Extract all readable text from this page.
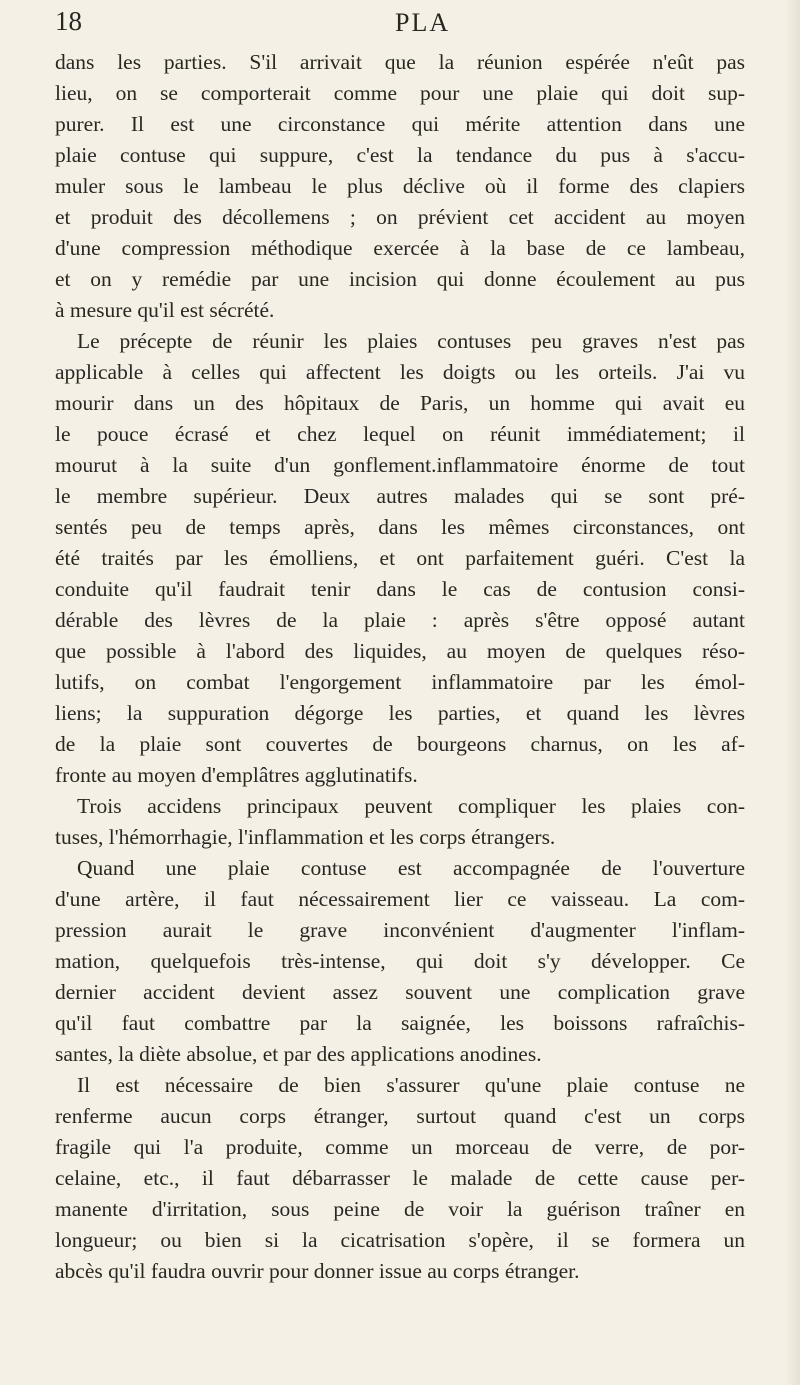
18	PLA
dans les parties. S'il arrivait que la réunion espérée n'eût pas
lieu, on se comporterait comme pour une plaie qui doit sup-
purer. Il est une circonstance qui mérite attention dans une
plaie contuse qui suppure, c'est la tendance du pus à s'accu-
muler sous le lambeau le plus déclive où il forme des clapiers
et produit des décollemens ; on prévient cet accident au moyen
d'une compression méthodique exercée à la base de ce lambeau,
et on y remédie par une incision qui donne écoulement au pus
à mesure qu'il est sécrété.
Le précepte de réunir les plaies contuses peu graves n'est pas
applicable à celles qui affectent les doigts ou les orteils. J'ai vu
mourir dans un des hôpitaux de Paris, un homme qui avait eu
le pouce écrasé et chez lequel on réunit immédiatement; il
mourut à la suite d'un gonflement.inflammatoire énorme de tout
le membre supérieur. Deux autres malades qui se sont pré-
sentés peu de temps après, dans les mêmes circonstances, ont
été traités par les émolliens, et ont parfaitement guéri. C'est la
conduite qu'il faudrait tenir dans le cas de contusion consi-
dérable des lèvres de la plaie : après s'être opposé autant
que possible à l'abord des liquides, au moyen de quelques réso-
lutifs, on combat l'engorgement inflammatoire par les émol-
liens; la suppuration dégorge les parties, et quand les lèvres
de la plaie sont couvertes de bourgeons charnus, on les af-
fronte au moyen d'emplâtres agglutinatifs.
Trois accidens principaux peuvent compliquer les plaies con-
tuses, l'hémorrhagie, l'inflammation et les corps étrangers.
Quand une plaie contuse est accompagnée de l'ouverture
d'une artère, il faut nécessairement lier ce vaisseau. La com-
pression aurait le grave inconvénient d'augmenter l'inflam-
mation, quelquefois très-intense, qui doit s'y développer. Ce
dernier accident devient assez souvent une complication grave
qu'il faut combattre par la saignée, les boissons rafraîchis-
santes, la diète absolue, et par des applications anodines.
Il est nécessaire de bien s'assurer qu'une plaie contuse ne
renferme aucun corps étranger, surtout quand c'est un corps
fragile qui l'a produite, comme un morceau de verre, de por-
celaine, etc., il faut débarrasser le malade de cette cause per-
manente d'irritation, sous peine de voir la guérison traîner en
longueur; ou bien si la cicatrisation s'opère, il se formera un
abcès qu'il faudra ouvrir pour donner issue au corps étranger.
